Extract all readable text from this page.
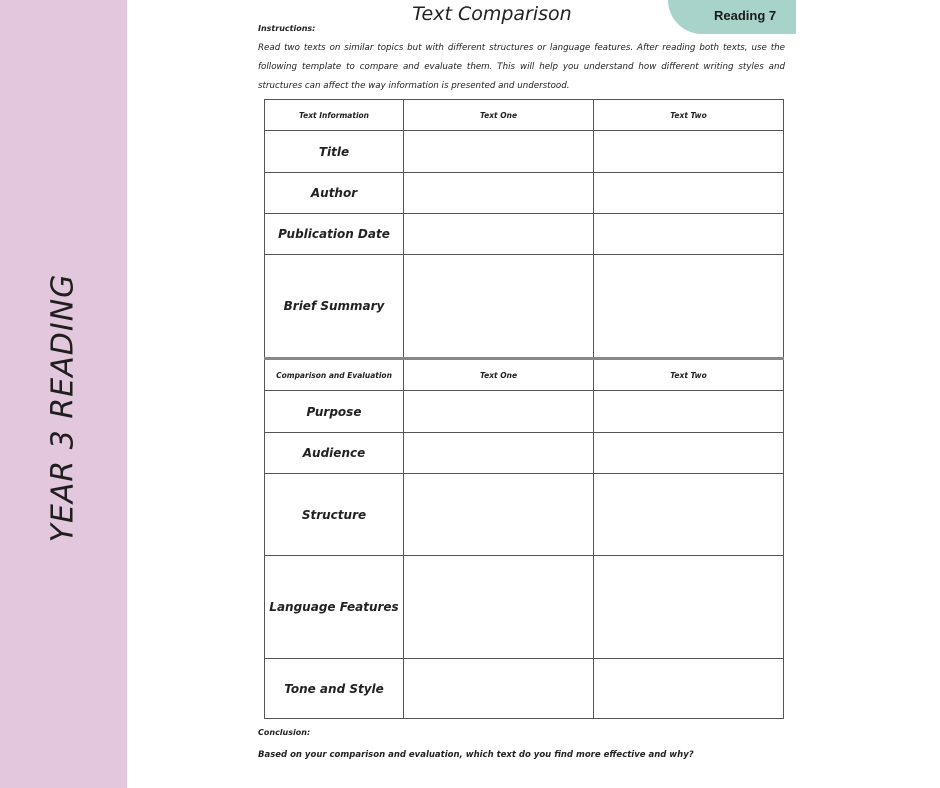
YEAR 3 READING
Reading 7
Text Comparison
Instructions:
Read two texts on similar topics but with different structures or language features. After reading both texts, use the following template to compare and evaluate them. This will help you understand how different writing styles and structures can affect the way information is presented and understood.
Text Information	Text One	Text Two
Title		
Author		
Publication Date		
Brief Summary		
Comparison and Evaluation	Text One	Text Two
Purpose		
Audience		
Structure		
Language Features		
Tone and Style		
Conclusion:
Based on your comparison and evaluation, which text do you find more effective and why?
